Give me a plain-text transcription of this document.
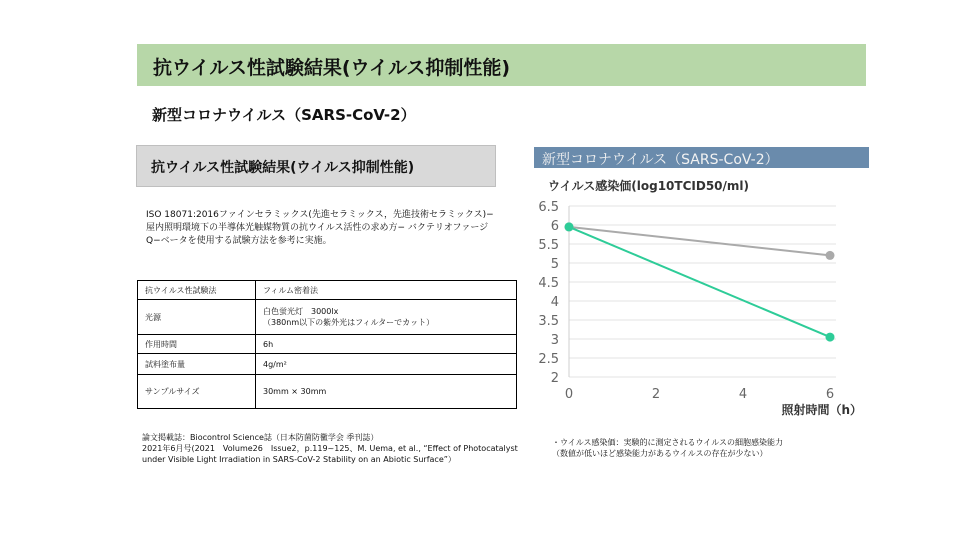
抗ウイルス性試験結果(ウイルス抑制性能)
新型コロナウイルス（SARS-CoV-2）
抗ウイルス性試験結果(ウイルス抑制性能)
ISO 18071:2016ファインセラミックス(先進セラミックス，先進技術セラミックス)− 屋内照明環境下の半導体光触媒物質の抗ウイルス活性の求め方− バクテリオファージ Q−ベータを使用する試験方法を参考に実施。
抗ウイルス性試験法	フィルム密着法
光源	白色蛍光灯　3000lx
（380nm以下の紫外光はフィルターでカット）

作用時間	6h
試料塗布量	4g/m²
サンプルサイズ	30mm × 30mm
論文掲載誌：Biocontrol Science誌（日本防菌防黴学会 季刊誌）
2021年6月号(2021　Volume26　Issue2，p.119~125、M. Uema, et al., “Effect of Photocatalyst
under Visible Light Irradiation in SARS-CoV-2 Stability on an Abiotic Surface”）
新型コロナウイルス（SARS-CoV-2）
2
2.5
3
3.5
4
4.5
5
5.5
6
6.5
0	2	4	6
ウイルス感染価(log10TCID50/ml)
照射時間（h）
・ウイルス感染価：実験的に測定されるウイルスの細胞感染能力
（数値が低いほど感染能力があるウイルスの存在が少ない）
